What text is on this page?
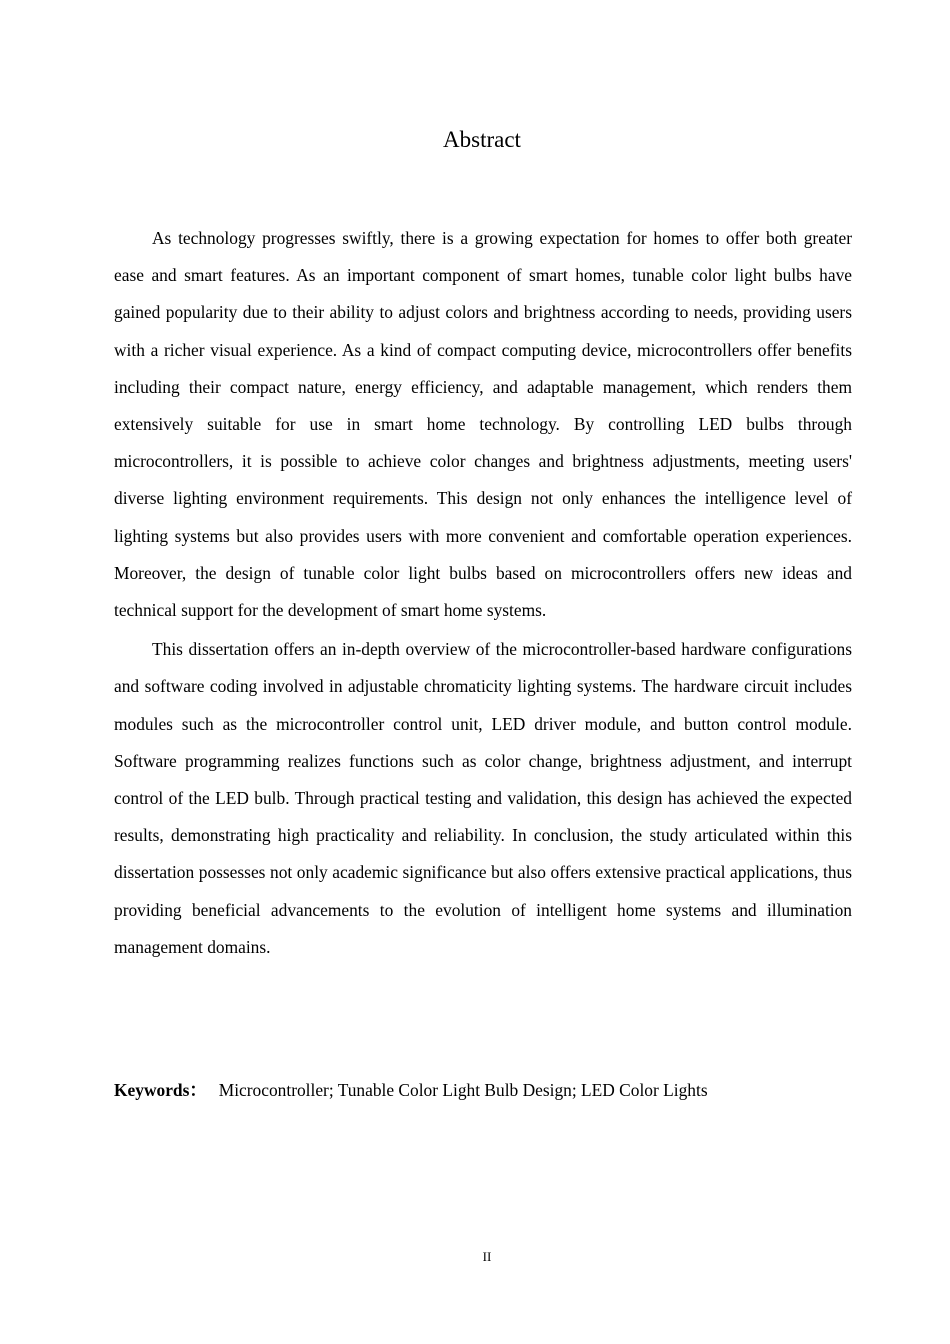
Abstract

As technology progresses swiftly, there is a growing expectation for homes to offer both greater ease and smart features. As an important component of smart homes, tunable color light bulbs have gained popularity due to their ability to adjust colors and brightness according to needs, providing users with a richer visual experience. As a kind of compact computing device, microcontrollers offer benefits including their compact nature, energy efficiency, and adaptable management, which renders them extensively suitable for use in smart home technology. By controlling LED bulbs through microcontrollers, it is possible to achieve color changes and brightness adjustments, meeting users' diverse lighting environment requirements. This design not only enhances the intelligence level of lighting systems but also provides users with more convenient and comfortable operation experiences. Moreover, the design of tunable color light bulbs based on microcontrollers offers new ideas and technical support for the development of smart home systems.

This dissertation offers an in-depth overview of the microcontroller-based hardware configurations and software coding involved in adjustable chromaticity lighting systems. The hardware circuit includes modules such as the microcontroller control unit, LED driver module, and button control module. Software programming realizes functions such as color change, brightness adjustment, and interrupt control of the LED bulb. Through practical testing and validation, this design has achieved the expected results, demonstrating high practicality and reliability. In conclusion, the study articulated within this dissertation possesses not only academic significance but also offers extensive practical applications, thus providing beneficial advancements to the evolution of intelligent home systems and illumination management domains.

Keywords： Microcontroller; Tunable Color Light Bulb Design; LED Color Lights

II
